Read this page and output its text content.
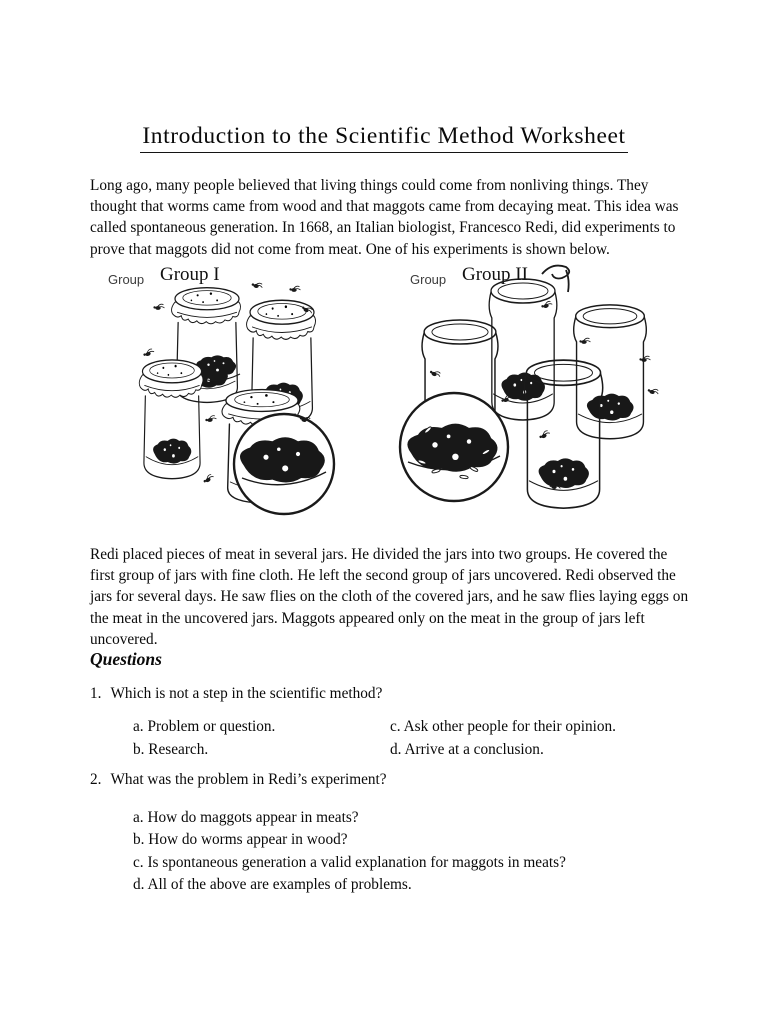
Introduction to the Scientific Method Worksheet

Long ago, many people believed that living things could come from nonliving things. They thought that worms came from wood and that maggots came from decaying meat. This idea was called spontaneous generation. In 1668, an Italian biologist, Francesco Redi, did experiments to prove that maggots did not come from meat. One of his experiments is shown below.

Group Group I	Group Group II

Redi placed pieces of meat in several jars. He divided the jars into two groups. He covered the first group of jars with fine cloth. He left the second group of jars uncovered. Redi observed the jars for several days. He saw flies on the cloth of the covered jars, and he saw flies laying eggs on the meat in the uncovered jars. Maggots appeared only on the meat in the group of jars left uncovered.

Questions
1. Which is not a step in the scientific method?
a. Problem or question.
b. Research.
c. Ask other people for their opinion.
d. Arrive at a conclusion.
2. What was the problem in Redi’s experiment?
a. How do maggots appear in meats?
b. How do worms appear in wood?
c. Is spontaneous generation a valid explanation for maggots in meats?
d. All of the above are examples of problems.
